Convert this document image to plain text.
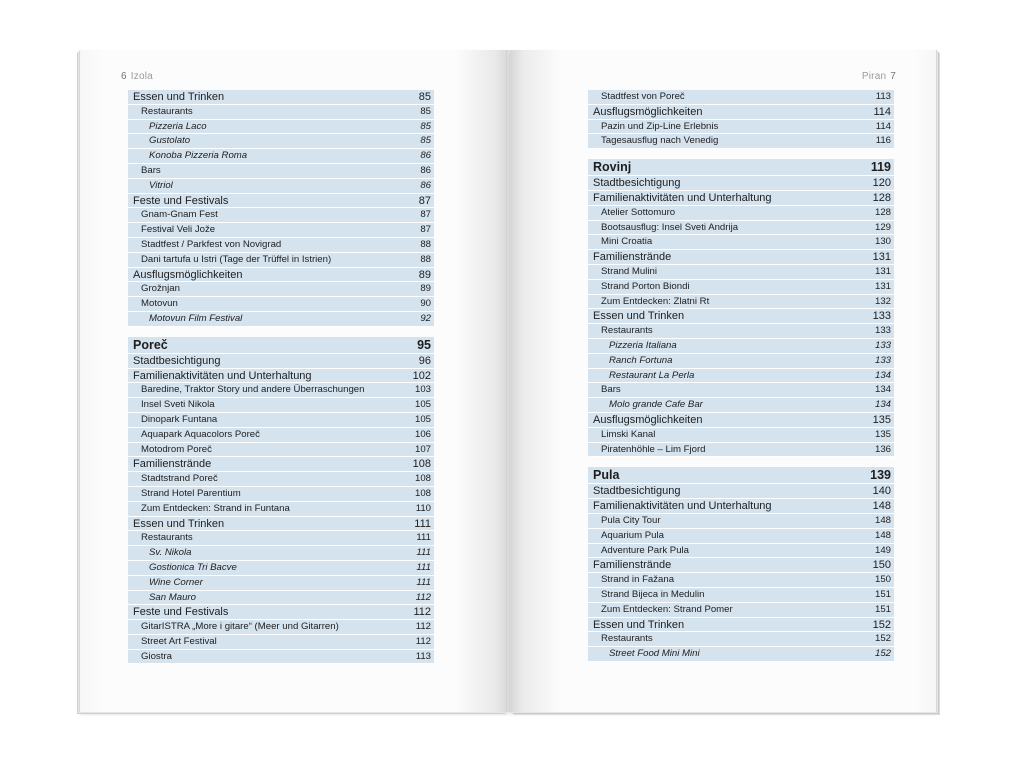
6 Izola
Essen und Trinken	85
Restaurants	85
Pizzeria Laco	85
Gustolato	85
Konoba Pizzeria Roma	86
Bars	86
Vitriol	86
Feste und Festivals	87
Gnam-Gnam Fest	87
Festival Veli Jože	87
Stadtfest / Parkfest von Novigrad	88
Dani tartufa u Istri (Tage der Trüffel in Istrien)	88
Ausflugsmöglichkeiten	89
Grožnjan	89
Motovun	90
Motovun Film Festival	92
Poreč	95
Stadtbesichtigung	96
Familienaktivitäten und Unterhaltung	102
Baredine, Traktor Story und andere Überraschungen	103
Insel Sveti Nikola	105
Dinopark Funtana	105
Aquapark Aquacolors Poreč	106
Motodrom Poreč	107
Familienstrände	108
Stadtstrand Poreč	108
Strand Hotel Parentium	108
Zum Entdecken: Strand in Funtana	110
Essen und Trinken	111
Restaurants	111
Sv. Nikola	111
Gostionica Tri Bacve	111
Wine Corner	111
San Mauro	112
Feste und Festivals	112
GitarISTRA „More i gitare“ (Meer und Gitarren)	112
Street Art Festival	112
Giostra	113
Piran 7
Stadtfest von Poreč	113
Ausflugsmöglichkeiten	114
Pazin und Zip-Line Erlebnis	114
Tagesausflug nach Venedig	116
Rovinj	119
Stadtbesichtigung	120
Familienaktivitäten und Unterhaltung	128
Atelier Sottomuro	128
Bootsausflug: Insel Sveti Andrija	129
Mini Croatia	130
Familienstrände	131
Strand Mulini	131
Strand Porton Biondi	131
Zum Entdecken: Zlatni Rt	132
Essen und Trinken	133
Restaurants	133
Pizzeria Italiana	133
Ranch Fortuna	133
Restaurant La Perla	134
Bars	134
Molo grande Cafe Bar	134
Ausflugsmöglichkeiten	135
Limski Kanal	135
Piratenhöhle – Lim Fjord	136
Pula	139
Stadtbesichtigung	140
Familienaktivitäten und Unterhaltung	148
Pula City Tour	148
Aquarium Pula	148
Adventure Park Pula	149
Familienstrände	150
Strand in Fažana	150
Strand Bijeca in Medulin	151
Zum Entdecken: Strand Pomer	151
Essen und Trinken	152
Restaurants	152
Street Food Mini Mini	152
